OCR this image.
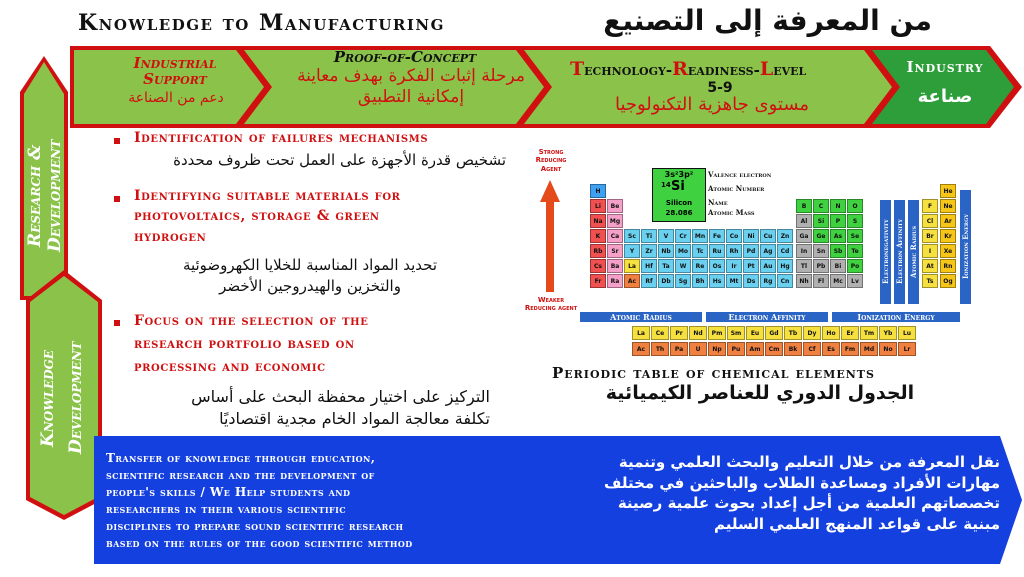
Knowledge to Manufacturing	من المعرفة إلى التصنيع
Industrial Support
دعم من الصناعة
Proof-of-Concept
مرحلة إثبات الفكرة بهدف معاينة
إمكانية التطبيق
Technology-Readiness-Level
5-9
مستوى جاهزية التكنولوجيا
Industry
صناعة
Research & Development
Knowledge Development
Identification of failures mechanisms
تشخيص قدرة الأجهزة على العمل تحت ظروف محددة
Identifying suitable materials for
photovoltaics, storage & green
hydrogen
تحديد المواد المناسبة للخلايا الكهروضوئية
والتخزين والهيدروجين الأخضر
Focus on the selection of the
research portfolio based on
processing and economic
التركيز على اختيار محفظة البحث على أساس
تكلفة معالجة المواد الخام مجدية اقتصاديًا
Strong Reducing Agent
Weaker Reducing agent
3s²3p²
14 Si
Silicon
28.086
Valence electron
Atomic Number
Name
Atomic Mass
H	He
Li	Be	B	C	N	O	F	Ne
Na	Mg	Al	Si	P	S	Cl	Ar
K	Ca	Sc	Ti	V	Cr	Mn	Fe	Co	Ni	Cu	Zn	Ga	Ge	As	Se	Br	Kr
Rb	Sr	Y	Zr	Nb	Mo	Tc	Ru	Rh	Pd	Ag	Cd	In	Sn	Sb	Te	I	Xe
Cs	Ba	La	Hf	Ta	W	Re	Os	Ir	Pt	Au	Hg	Tl	Pb	Bi	Po	At	Rn
Fr	Ra	Ac	Rf	Db	Sg	Bh	Hs	Mt	Ds	Rg	Cn	Nh	Fl	Mc	Lv	Ts	Og
La	Ce	Pr	Nd	Pm	Sm	Eu	Gd	Tb	Dy	Ho	Er	Tm	Yb	Lu
Ac	Th	Pa	U	Np	Pu	Am	Cm	Bk	Cf	Es	Fm	Md	No	Lr
Atomic Radius	Electron Affinity	Ionization Energy
Electronegativity Electron Affinity Atomic Radius	Ionization Energy
Periodic table of chemical elements
الجدول الدوري للعناصر الكيميائية
Transfer of knowledge through education,
scientific research and the development of
people's skills / We Help students and
researchers in their various scientific
disciplines to prepare sound scientific research
based on the rules of the good scientific method
نقل المعرفة من خلال التعليم والبحث العلمي وتنمية
مهارات الأفراد ومساعدة الطلاب والباحثين في مختلف
تخصصاتهم العلمية من أجل إعداد بحوث علمية رصينة
مبنية على قواعد المنهج العلمي السليم
